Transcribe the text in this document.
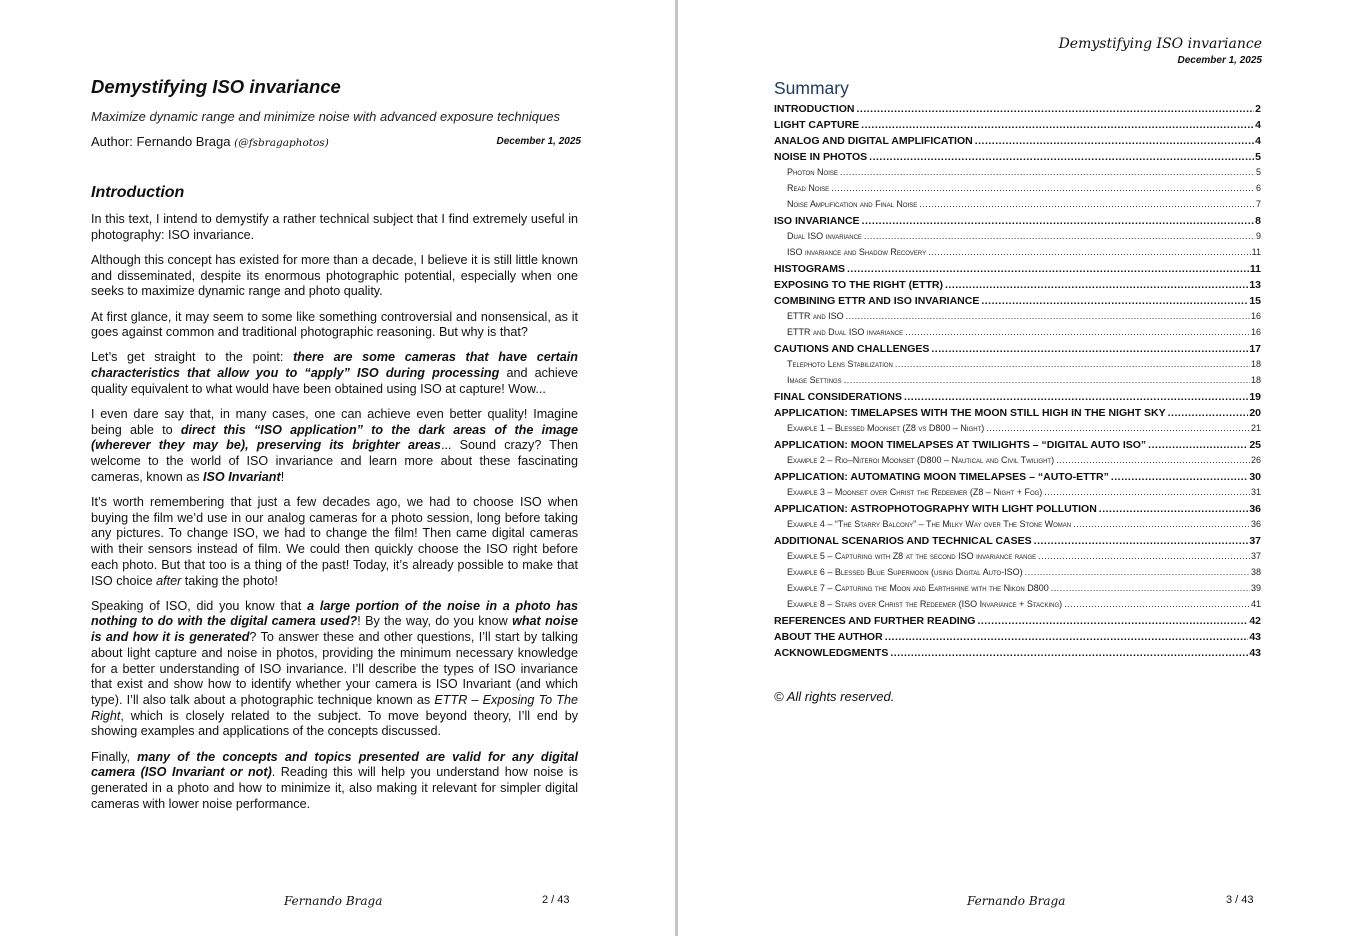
Demystifying ISO invariance
Maximize dynamic range and minimize noise with advanced exposure techniques
Author: Fernando Braga (@fsbragaphotos)	December 1, 2025
Introduction

In this text, I intend to demystify a rather technical subject that I find extremely useful in photography: ISO invariance.

Although this concept has existed for more than a decade, I believe it is still little known and disseminated, despite its enormous photographic potential, especially when one seeks to maximize dynamic range and photo quality.

At first glance, it may seem to some like something controversial and nonsensical, as it goes against common and traditional photographic reasoning. But why is that?

Let’s get straight to the point: there are some cameras that have certain characteristics that allow you to “apply” ISO during processing and achieve quality equivalent to what would have been obtained using ISO at capture! Wow...

I even dare say that, in many cases, one can achieve even better quality! Imagine being able to direct this “ISO application” to the dark areas of the image (wherever they may be), preserving its brighter areas... Sound crazy? Then welcome to the world of ISO invariance and learn more about these fascinating cameras, known as ISO Invariant!

It’s worth remembering that just a few decades ago, we had to choose ISO when buying the film we’d use in our analog cameras for a photo session, long before taking any pictures. To change ISO, we had to change the film! Then came digital cameras with their sensors instead of film. We could then quickly choose the ISO right before each photo. But that too is a thing of the past! Today, it’s already possible to make that ISO choice after taking the photo!

Speaking of ISO, did you know that a large portion of the noise in a photo has nothing to do with the digital camera used?! By the way, do you know what noise is and how it is generated? To answer these and other questions, I’ll start by talking about light capture and noise in photos, providing the minimum necessary knowledge for a better understanding of ISO invariance. I’ll describe the types of ISO invariance that exist and show how to identify whether your camera is ISO Invariant (and which type). I’ll also talk about a photographic technique known as ETTR – Exposing To The Right, which is closely related to the subject. To move beyond theory, I’ll end by showing examples and applications of the concepts discussed.

Finally, many of the concepts and topics presented are valid for any digital camera (ISO Invariant or not). Reading this will help you understand how noise is generated in a photo and how to minimize it, also making it relevant for simpler digital cameras with lower noise performance.

Fernando Braga	2 / 43
Demystifying ISO invariance
December 1, 2025
Summary
INTRODUCTION .....	2
LIGHT CAPTURE .....	4
ANALOG AND DIGITAL AMPLIFICATION .....	4
NOISE IN PHOTOS .....	5
Photon Noise .....	5
Read Noise .....	6
Noise Amplification and Final Noise .....	7
ISO INVARIANCE .....	8
Dual ISO invariance .....	9
ISO invariance and Shadow Recovery .....	11
HISTOGRAMS .....	11
EXPOSING TO THE RIGHT (ETTR) .....	13
COMBINING ETTR AND ISO INVARIANCE .....	15
ETTR and ISO .....	16
ETTR and Dual ISO invariance .....	16
CAUTIONS AND CHALLENGES .....	17
Telephoto Lens Stabilization .....	18
Image Settings .....	18
FINAL CONSIDERATIONS .....	19
APPLICATION: TIMELAPSES WITH THE MOON STILL HIGH IN THE NIGHT SKY .....	20
Example 1 – Blessed Moonset (Z8 vs D800 – Night) .....	21
APPLICATION: MOON TIMELAPSES AT TWILIGHTS – “DIGITAL AUTO ISO” .....	25
Example 2 – Rio–Niteroi Moonset (D800 – Nautical and Civil Twilight) .....	26
APPLICATION: AUTOMATING MOON TIMELAPSES – “AUTO-ETTR” .....	30
Example 3 – Moonset over Christ the Redeemer (Z8 – Night + Fog) .....	31
APPLICATION: ASTROPHOTOGRAPHY WITH LIGHT POLLUTION .....	36
Example 4 – “The Starry Balcony” – The Milky Way over The Stone Woman .....	36
ADDITIONAL SCENARIOS AND TECHNICAL CASES .....	37
Example 5 – Capturing with Z8 at the second ISO invariance range .....	37
Example 6 – Blessed Blue Supermoon (using Digital Auto-ISO) .....	38
Example 7 – Capturing the Moon and Earthshine with the Nikon D800 .....	39
Example 8 – Stars over Christ the Redeemer (ISO Invariance + Stacking) .....	41
REFERENCES AND FURTHER READING .....	42
ABOUT THE AUTHOR .....	43
ACKNOWLEDGMENTS .....	43
© All rights reserved.
Fernando Braga	3 / 43
